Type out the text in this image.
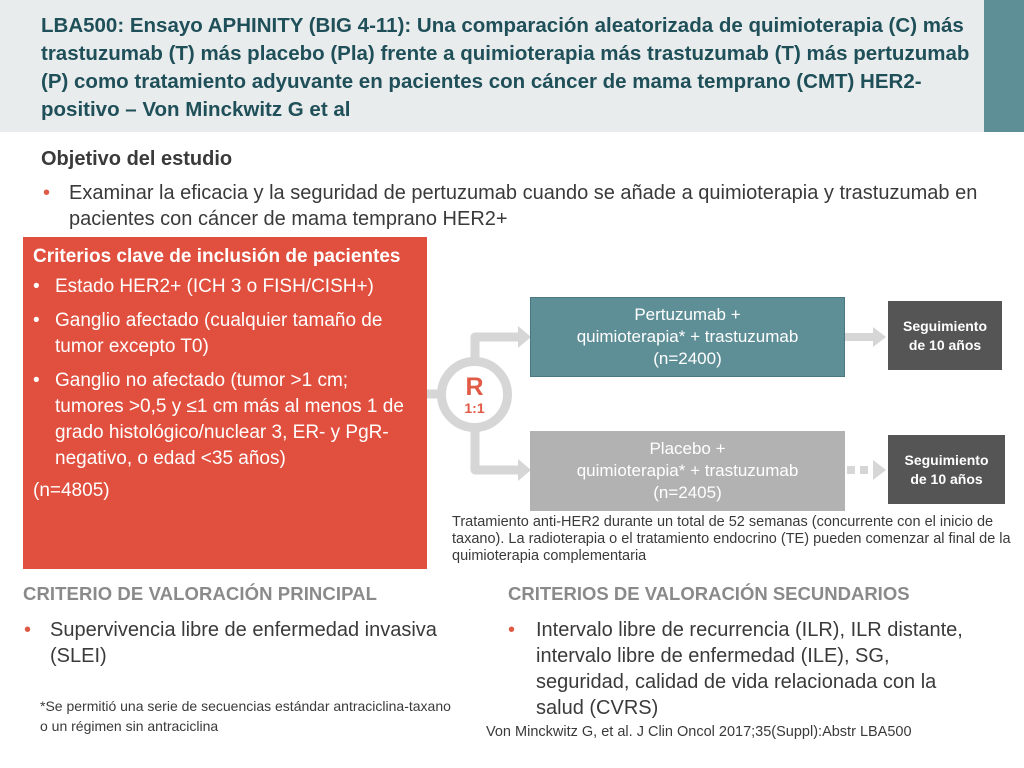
LBA500: Ensayo APHINITY (BIG 4-11): Una comparación aleatorizada de quimioterapia (C) más trastuzumab (T) más placebo (Pla) frente a quimioterapia más trastuzumab (T) más pertuzumab (P) como tratamiento adyuvante en pacientes con cáncer de mama temprano (CMT) HER2-positivo – Von Minckwitz G et al
Objetivo del estudio
• Examinar la eficacia y la seguridad de pertuzumab cuando se añade a quimioterapia y trastuzumab en pacientes con cáncer de mama temprano HER2+
Criterios clave de inclusión de pacientes
• Estado HER2+ (ICH 3 o FISH/CISH+)
• Ganglio afectado (cualquier tamaño de tumor excepto T0)
• Ganglio no afectado (tumor >1 cm; tumores >0,5 y ≤1 cm más al menos 1 de grado histológico/nuclear 3, ER- y PgR-negativo, o edad <35 años)
(n=4805)
R
1:1
Pertuzumab +
quimioterapia* + trastuzumab
(n=2400)
Placebo +
quimioterapia* + trastuzumab
(n=2405)
Seguimiento
de 10 años
Seguimiento
de 10 años
Tratamiento anti-HER2 durante un total de 52 semanas (concurrente con el inicio de taxano). La radioterapia o el tratamiento endocrino (TE) pueden comenzar al final de la quimioterapia complementaria
CRITERIO DE VALORACIÓN PRINCIPAL
• Supervivencia libre de enfermedad invasiva (SLEI)
CRITERIOS DE VALORACIÓN SECUNDARIOS
• Intervalo libre de recurrencia (ILR), ILR distante, intervalo libre de enfermedad (ILE), SG, seguridad, calidad de vida relacionada con la salud (CVRS)
*Se permitió una serie de secuencias estándar antraciclina-taxano o un régimen sin antraciclina	Von Minckwitz G, et al. J Clin Oncol 2017;35(Suppl):Abstr LBA500
